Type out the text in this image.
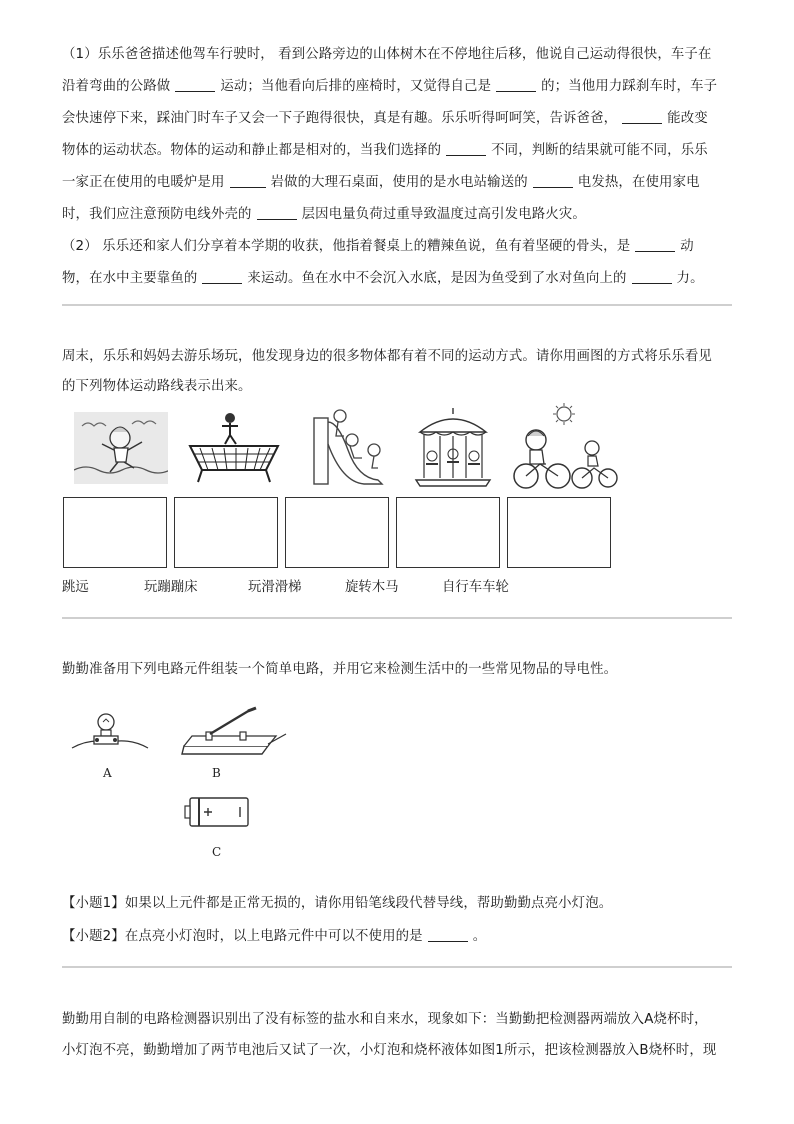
（1）乐乐爸爸描述他驾车行驶时， 看到公路旁边的山体树木在不停地往后移，他说自己运动得很快，车子在
沿着弯曲的公路做	运动；当他看向后排的座椅时，又觉得自己是	的；当他用力踩刹车时，车子
会快速停下来，踩油门时车子又会一下子跑得很快，真是有趣。乐乐听得呵呵笑，告诉爸爸，	能改变
物体的运动状态。物体的运动和静止都是相对的，当我们选择的	不同，判断的结果就可能不同，乐乐
一家正在使用的电暖炉是用	岩做的大理石桌面，使用的是水电站输送的	电发热，在使用家电
时，我们应注意预防电线外壳的	层因电量负荷过重导致温度过高引发电路火灾。
（2） 乐乐还和家人们分享着本学期的收获，他指着餐桌上的糟辣鱼说，鱼有着坚硬的骨头，是	动
物，在水中主要靠鱼的	来运动。鱼在水中不会沉入水底，是因为鱼受到了水对鱼向上的	力。
周末，乐乐和妈妈去游乐场玩，他发现身边的很多物体都有着不同的运动方式。请你用画图的方式将乐乐看见
的下列物体运动路线表示出来。
跳远	玩蹦蹦床	玩滑滑梯	旋转木马	自行车车轮
勤勤准备用下列电路元件组装一个简单电路，并用它来检测生活中的一些常见物品的导电性。
A	B
C
【小题1】如果以上元件都是正常无损的，请你用铅笔线段代替导线，帮助勤勤点亮小灯泡。
【小题2】在点亮小灯泡时，以上电路元件中可以不使用的是	。
勤勤用自制的电路检测器识别出了没有标签的盐水和自来水，现象如下：当勤勤把检测器两端放入A烧杯时，
小灯泡不亮，勤勤增加了两节电池后又试了一次，小灯泡和烧杯液体如图1所示，把该检测器放入B烧杯时，现
